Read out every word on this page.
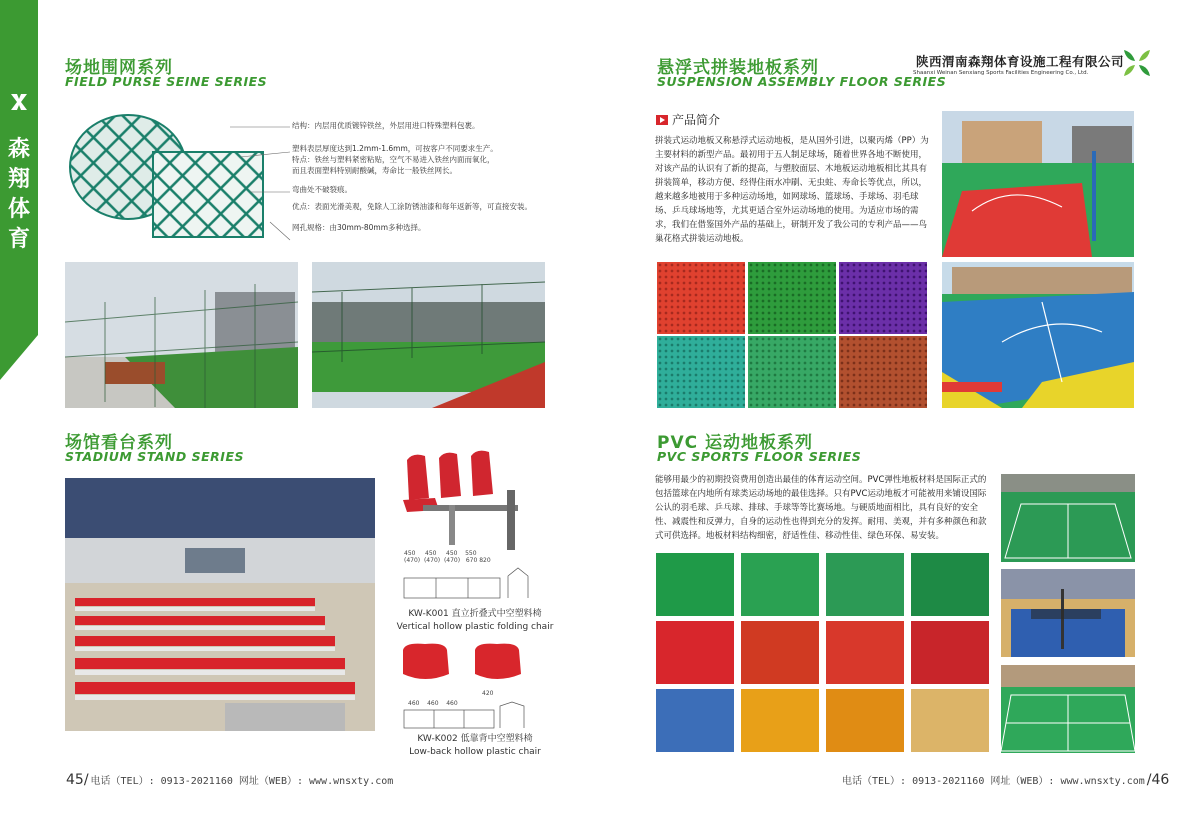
森
翔
体
育
场地围网系列
FIELD PURSE SEINE SERIES
结构：内层用优质镀锌铁丝，外层用进口特殊塑料包裹。
塑料表层厚度达到1.2mm-1.6mm，可按客户不同要求生产。
特点：铁丝与塑料紧密粘贴，空气不易进入铁丝内面而氧化，
而且表面塑料特别耐酸碱，寿命比一般铁丝网长。
弯曲处不破裂痕。
优点：表面光滑美观，免除人工涂防锈油漆和每年返新等，可直接安装。
网孔规格：由30mm-80mm多种选择。
场馆看台系列
STADIUM STAND SERIES
450 450 450 550
(470) (470) (470) 670 820
KW-K001 直立折叠式中空塑料椅
Vertical hollow plastic folding chair
460 460 460
420
KW-K002 低靠背中空塑料椅
Low-back hollow plastic chair
悬浮式拼装地板系列
SUSPENSION ASSEMBLY FLOOR SERIES
陕西渭南森翔体育设施工程有限公司
Shaanxi Weinan Senxiang Sports Facilities Engineering Co., Ltd.
产品简介
拼装式运动地板又称悬浮式运动地板，是从国外引进，以聚丙烯（PP）为主要材料的新型产品。最初用于五人制足球场，随着世界各地不断使用，对该产品的认识有了新的提高，与塑胶面层、木地板运动地板相比其具有拼装简单，移动方便、经得住雨水冲刷、无虫蛀、寿命长等优点，所以，越来越多地被用于多种运动场地，如网球场、篮球场、手球场、羽毛球场、乒乓球场地等，尤其更适合室外运动场地的使用。为适应市场的需求，我们在借鉴国外产品的基础上，研制开发了我公司的专利产品——鸟巢花格式拼装运动地板。
PVC 运动地板系列
PVC SPORTS FLOOR SERIES
能够用最少的初期投资费用创造出最佳的体育运动空间。PVC弹性地板材料是国际正式的包括篮球在内地所有球类运动场地的最佳选择。只有PVC运动地板才可能被用来铺设国际公认的羽毛球、乒乓球、排球、手球等等比赛场地。与硬质地面相比，具有良好的安全性、减震性和反弹力，自身的运动性也得到充分的发挥。耐用、美观，并有多种颜色和款式可供选择。地板材料结构细密，舒适性佳、移动性佳、绿色环保、易安装。
45/ 电话（TEL）: 0913-2021160 网址（WEB）: www.wnsxty.com	电话（TEL）: 0913-2021160 网址（WEB）: www.wnsxty.com /46
